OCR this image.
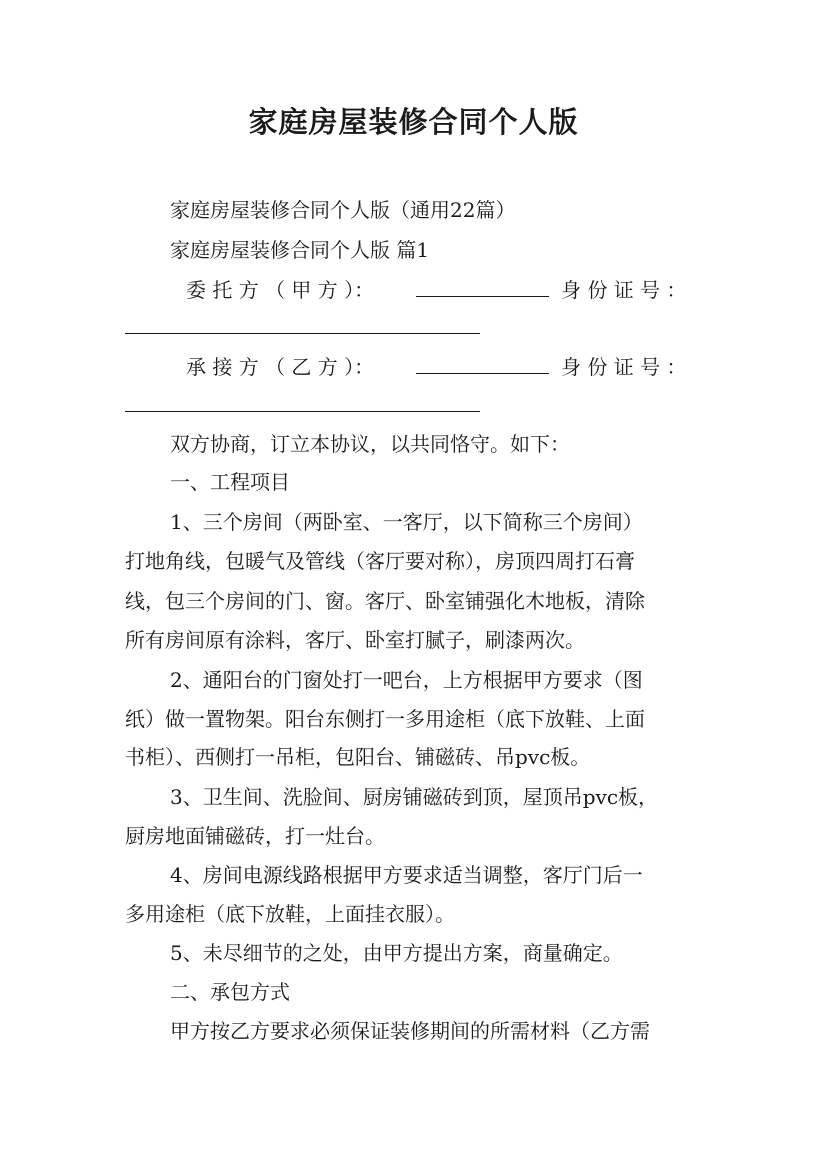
家庭房屋装修合同个人版
家庭房屋装修合同个人版（通用22篇）
家庭房屋装修合同个人版 篇1
委 托 方 （ 甲 方 ）：	身 份 证 号 ：
承 接 方 （ 乙 方 ）：	身 份 证 号 ：
双方协商，订立本协议，以共同恪守。如下：
一、工程项目
1、三个房间（两卧室、一客厅，以下简称三个房间）
打地角线，包暖气及管线（客厅要对称），房顶四周打石膏
线，包三个房间的门、窗。客厅、卧室铺强化木地板，清除
所有房间原有涂料，客厅、卧室打腻子，刷漆两次。
2、通阳台的门窗处打一吧台，上方根据甲方要求（图
纸）做一置物架。阳台东侧打一多用途柜（底下放鞋、上面
书柜）、西侧打一吊柜，包阳台、铺磁砖、吊pvc板。
3、卫生间、洗脸间、厨房铺磁砖到顶，屋顶吊pvc板，
厨房地面铺磁砖，打一灶台。
4、房间电源线路根据甲方要求适当调整，客厅门后一
多用途柜（底下放鞋，上面挂衣服）。
5、未尽细节的之处，由甲方提出方案，商量确定。
二、承包方式
甲方按乙方要求必须保证装修期间的所需材料（乙方需
